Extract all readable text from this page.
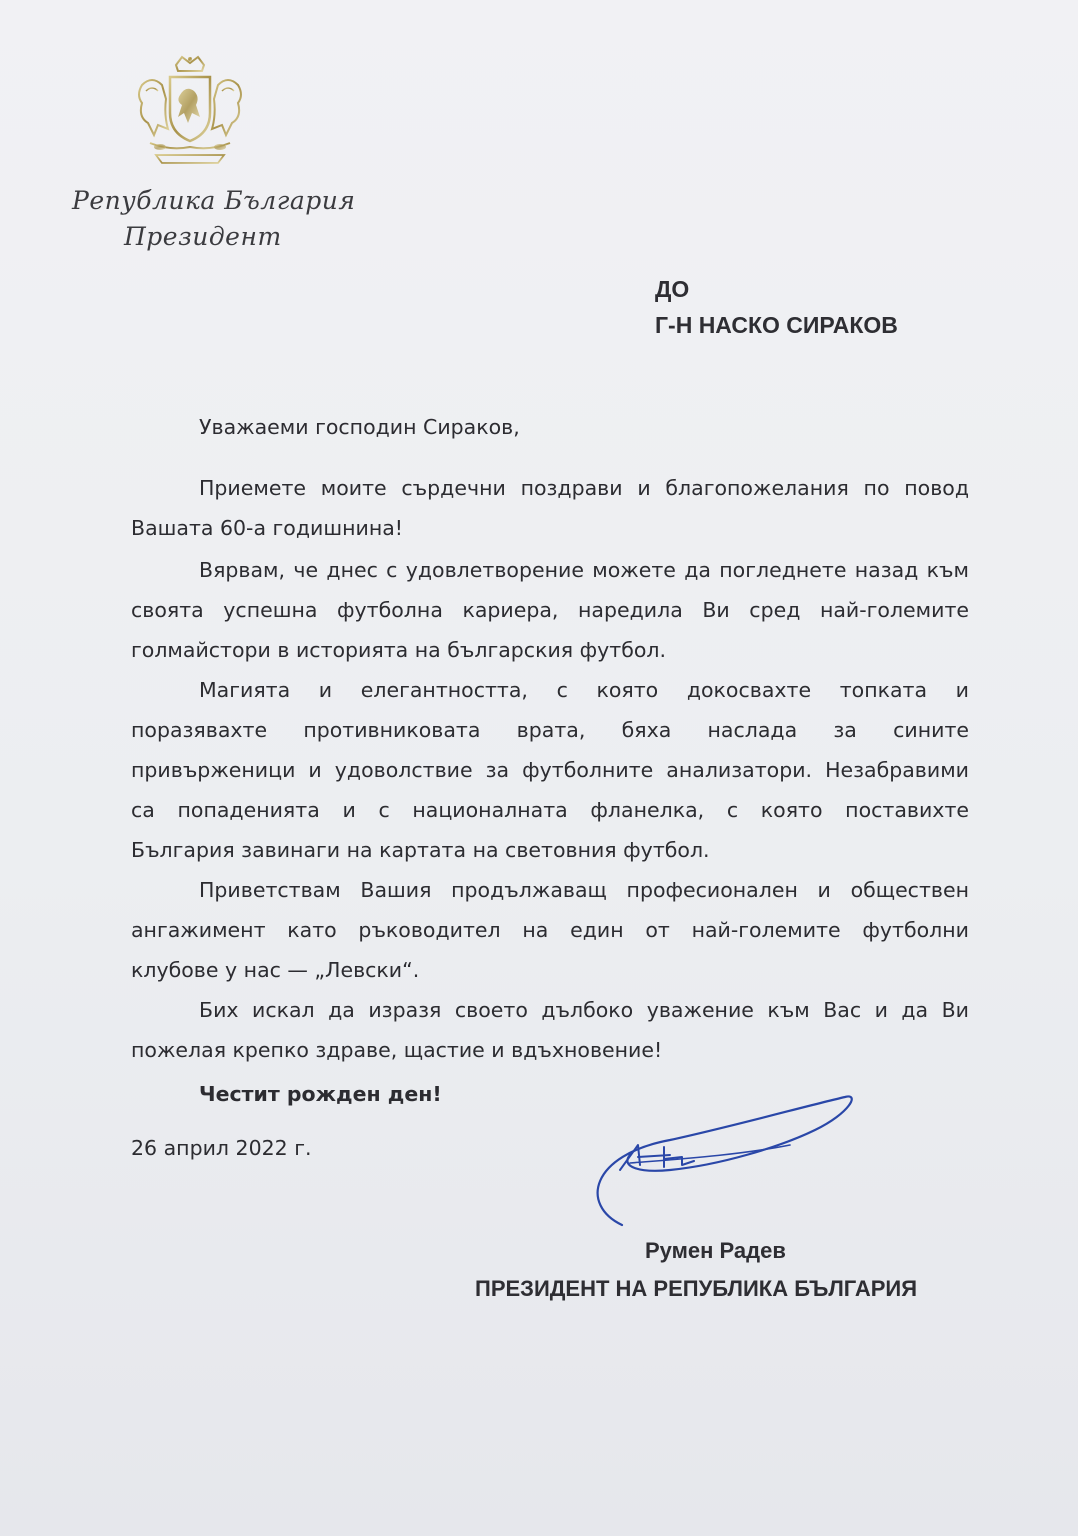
Република България
Президент
ДО
Г-Н НАСКО СИРАКОВ
Уважаеми господин Сираков,
Приемете моите сърдечни поздрави и благопожелания по повод
Вашата 60-а годишнина!
Вярвам, че днес с удовлетворение можете да погледнете назад към
своята успешна футболна кариера, наредила Ви сред най-големите
голмайстори в историята на българския футбол.
Магията и елегантността, с която докосвахте топката и
поразявахте противниковата врата, бяха наслада за сините
привърженици и удоволствие за футболните анализатори. Незабравими
са попаденията и с националната фланелка, с която поставихте
България завинаги на картата на световния футбол.
Приветствам Вашия продължаващ професионален и обществен
ангажимент като ръководител на един от най-големите футболни
клубове у нас — „Левски“.
Бих искал да изразя своето дълбоко уважение към Вас и да Ви
пожелая крепко здраве, щастие и вдъхновение!
Честит рожден ден!
26 април 2022 г.
Румен Радев
ПРЕЗИДЕНТ НА РЕПУБЛИКА БЪЛГАРИЯ
